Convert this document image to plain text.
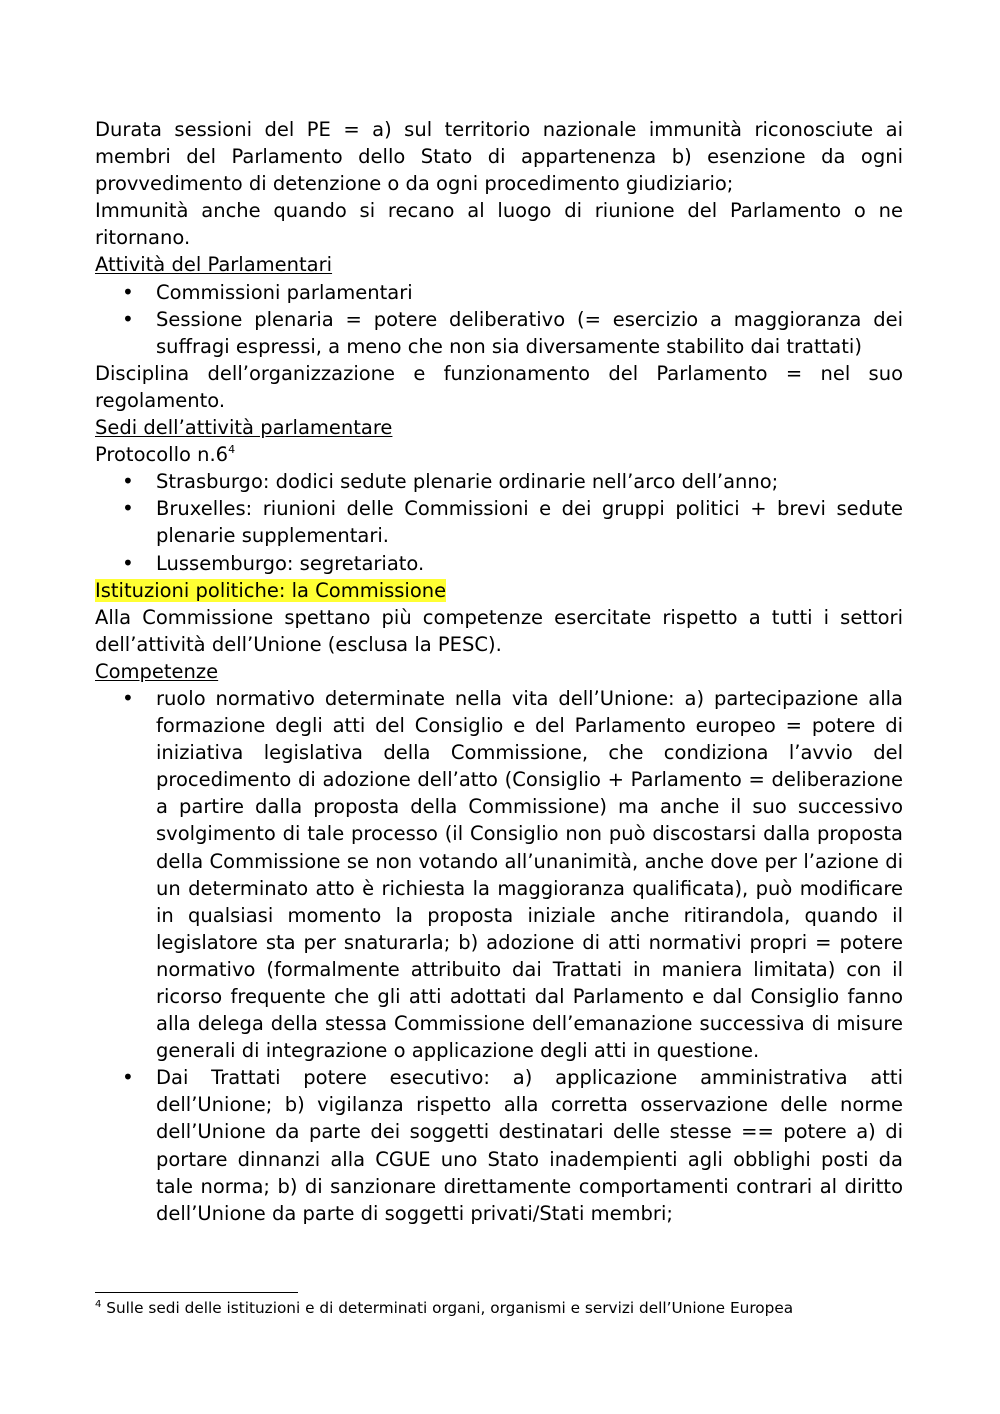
Durata sessioni del PE = a) sul territorio nazionale immunità riconosciute ai membri del Parlamento dello Stato di appartenenza b) esenzione da ogni provvedimento di detenzione o da ogni procedimento giudiziario;

Immunità anche quando si recano al luogo di riunione del Parlamento o ne ritornano.

Attività del Parlamentari

• Commissioni parlamentari
• Sessione plenaria = potere deliberativo (= esercizio a maggioranza dei suffragi espressi, a meno che non sia diversamente stabilito dai trattati)

Disciplina dell’organizzazione e funzionamento del Parlamento = nel suo regolamento.

Sedi dell’attività parlamentare

Protocollo $n.6^4$

• Strasburgo: dodici sedute plenarie ordinarie nell’arco dell’anno;
• Bruxelles: riunioni delle Commissioni e dei gruppi politici + brevi sedute plenarie supplementari.
• Lussemburgo: segretariato.

Istituzioni politiche: la Commissione

Alla Commissione spettano più competenze esercitate rispetto a tutti i settori dell’attività dell’Unione (esclusa la PESC).

Competenze

• ruolo normativo determinate nella vita dell’Unione: a) partecipazione alla formazione degli atti del Consiglio e del Parlamento europeo = potere di iniziativa legislativa della Commissione, che condiziona l’avvio del procedimento di adozione dell’atto (Consiglio + Parlamento = deliberazione a partire dalla proposta della Commissione) ma anche il suo successivo svolgimento di tale processo (il Consiglio non può discostarsi dalla proposta della Commissione se non votando all’unanimità, anche dove per l’azione di un determinato atto è richiesta la maggioranza qualificata), può modificare in qualsiasi momento la proposta iniziale anche ritirandola, quando il legislatore sta per snaturarla; b) adozione di atti normativi propri = potere normativo (formalmente attribuito dai Trattati in maniera limitata) con il ricorso frequente che gli atti adottati dal Parlamento e dal Consiglio fanno alla delega della stessa Commissione dell’emanazione successiva di misure generali di integrazione o applicazione degli atti in questione.
• Dai Trattati potere esecutivo: a) applicazione amministrativa atti dell’Unione; b) vigilanza rispetto alla corretta osservazione delle norme dell’Unione da parte dei soggetti destinatari delle stesse == potere a) di portare dinnanzi alla CGUE uno Stato inadempienti agli obblighi posti da tale norma; b) di sanzionare direttamente comportamenti contrari al diritto dell’Unione da parte di soggetti privati/Stati membri;
$^4$ Sulle sedi delle istituzioni e di determinati organi, organismi e servizi dell’Unione Europea
